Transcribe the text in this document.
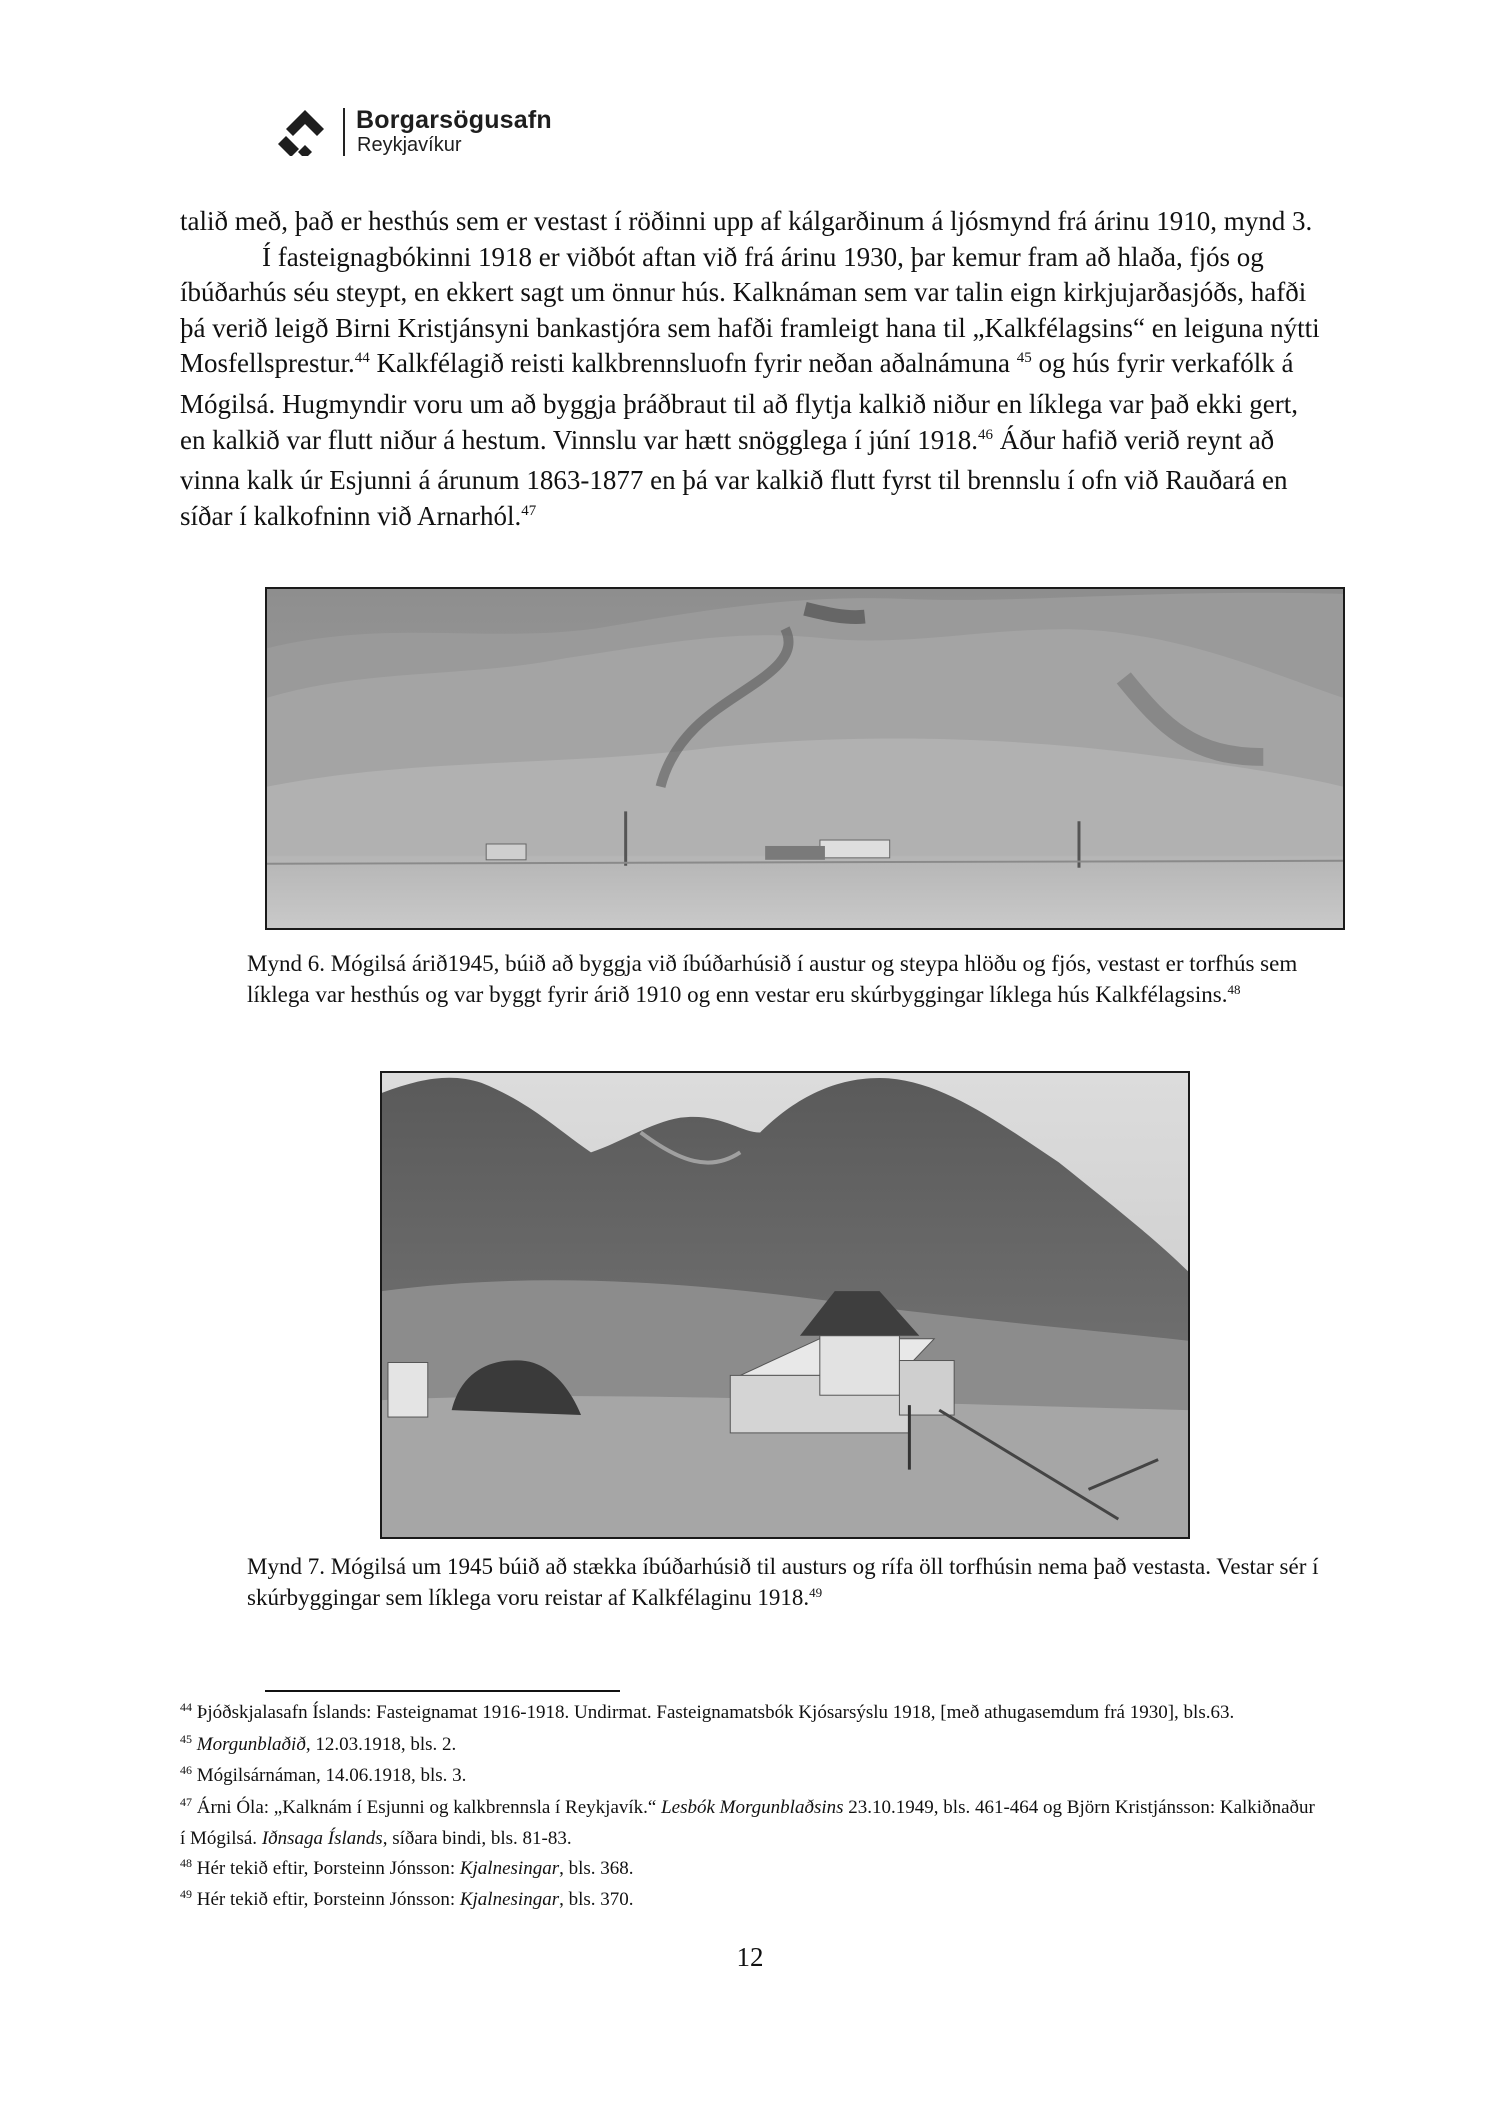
Borgarsögusafn
Reykjavíkur

talið með, það er hesthús sem er vestast í röðinni upp af kálgarðinum á ljósmynd frá árinu 1910, mynd 3.

Í fasteignagbókinni 1918 er viðbót aftan við frá árinu 1930, þar kemur fram að hlaða, fjós og íbúðarhús séu steypt, en ekkert sagt um önnur hús. Kalknáman sem var talin eign kirkjujarðasjóðs, hafði þá verið leigð Birni Kristjánsyni bankastjóra sem hafði framleigt hana til „Kalkfélagsins“ en leiguna nýtti Mosfellsprestur.$^{44}$ Kalkfélagið reisti kalkbrennsluofn fyrir neðan aðalnámuna $^{45}$ og hús fyrir verkafólk á Mógilsá. Hugmyndir voru um að byggja þráðbraut til að flytja kalkið niður en líklega var það ekki gert, en kalkið var flutt niður á hestum. Vinnslu var hætt snögglega í júní 1918.46 Áður hafið verið reynt að vinna kalk úr Esjunni á árunum 1863-1877 en þá var kalkið flutt fyrst til brennslu í ofn við Rauðará en síðar í kalkofninn við Arnarhól.$^{47}$

Mynd 6. Mógilsá árið1945, búið að byggja við íbúðarhúsið í austur og steypa hlöðu og fjós, vestast er torfhús sem líklega var hesthús og var byggt fyrir árið 1910 og enn vestar eru skúrbyggingar líklega hús Kalkfélagsins.$^{48}$
Mynd 7. Mógilsá um 1945 búið að stækka íbúðarhúsið til austurs og rífa öll torfhúsin nema það vestasta. Vestar sér í skúrbyggingar sem líklega voru reistar af Kalkfélaginu 1918.49

$^{44}$ Þjóðskjalasafn Íslands: Fasteignamat 1916-1918. Undirmat. Fasteignamatsbók Kjósarsýslu 1918, [með athugasemdum frá 1930], bls.63.

$^{45}$ Morgunblaðið, 12.03.1918, bls. 2.

$^{46}$ Mógilsárnáman, 14.06.1918, bls. 3.

$^{47}$ Árni Óla: „Kalknám í Esjunni og kalkbrennsla í Reykjavík.“ Lesbók Morgunblaðsins 23.10.1949, bls. 461-464 og Björn Kristjánsson: Kalkiðnaður í Mógilsá. Iðnsaga Íslands, síðara bindi, bls. 81-83.

$^{48}$ Hér tekið eftir, Þorsteinn Jónsson: Kjalnesingar, bls. 368.

$^{49}$ Hér tekið eftir, Þorsteinn Jónsson: Kjalnesingar, bls. 370.

12
